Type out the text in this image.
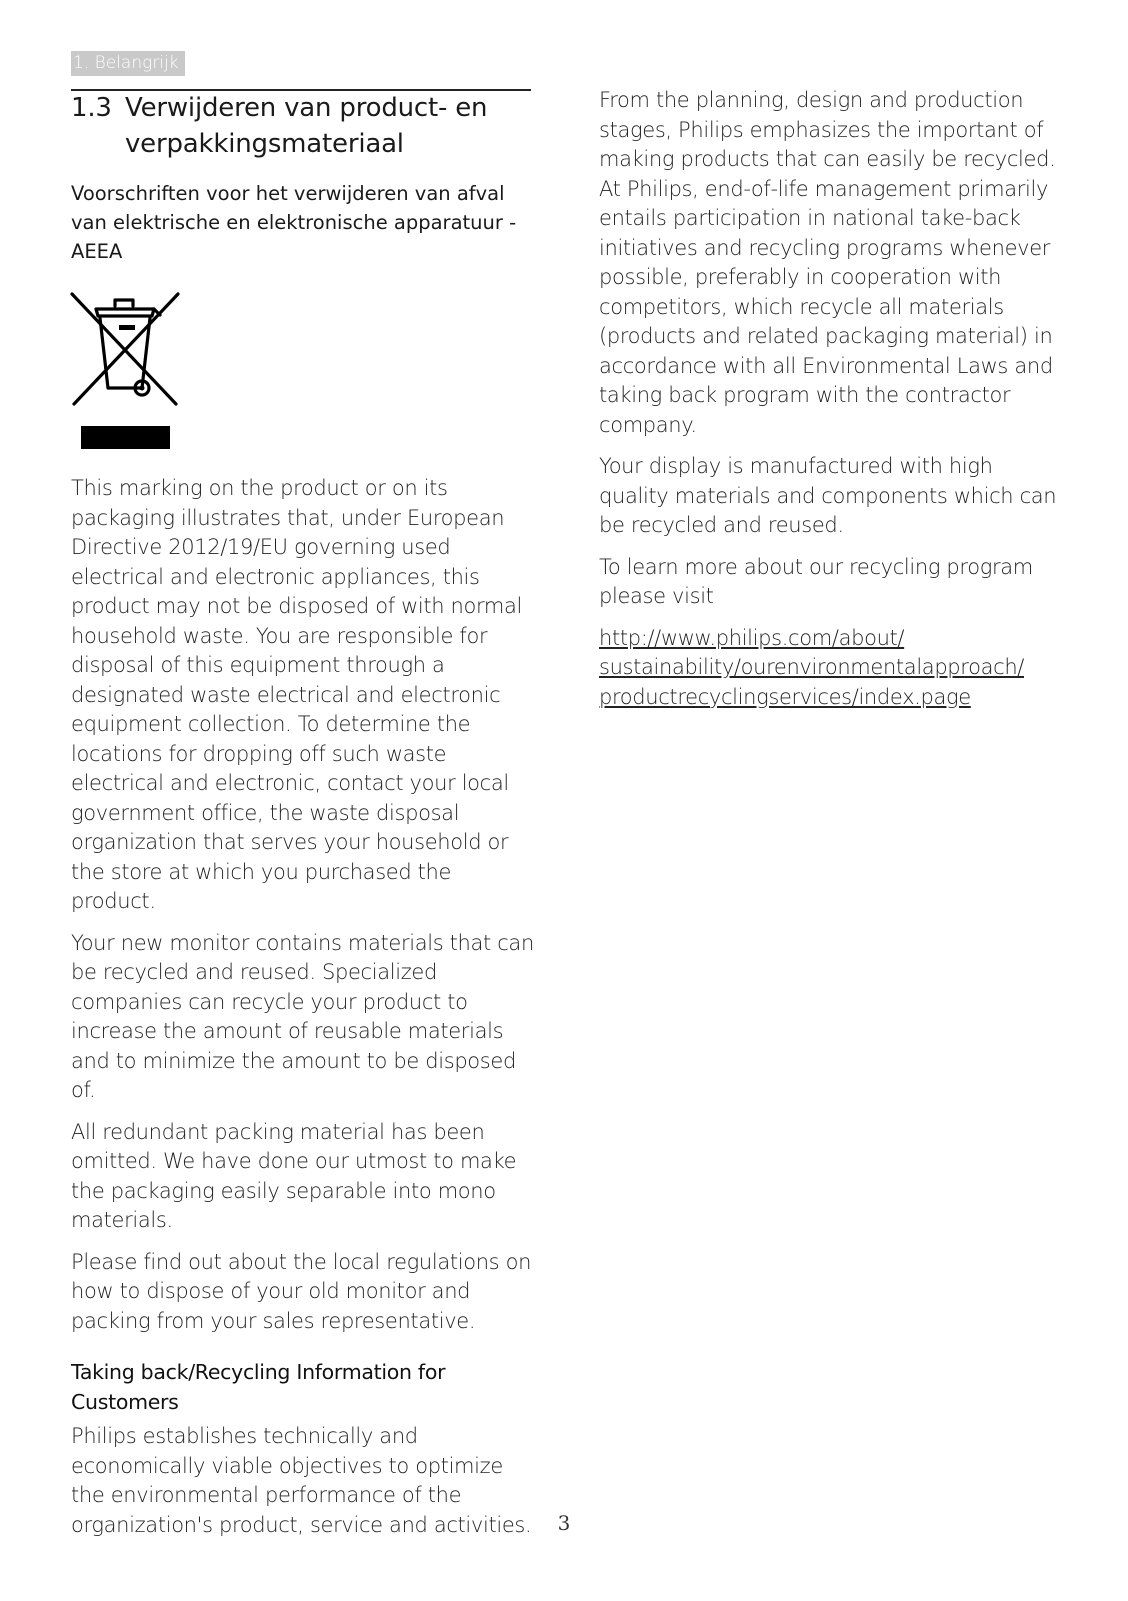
1. Belangrijk
1.3 Verwijderen van product- en verpakkingsmateriaal

Voorschriften voor het verwijderen van afval van elektrische en elektronische apparatuur - AEEA

This marking on the product or on its packaging illustrates that, under European Directive 2012/19/EU governing used electrical and electronic appliances, this product may not be disposed of with normal household waste. You are responsible for disposal of this equipment through a designated waste electrical and electronic equipment collection. To determine the locations for dropping off such waste electrical and electronic, contact your local government office, the waste disposal organization that serves your household or the store at which you purchased the product.

Your new monitor contains materials that can be recycled and reused. Specialized companies can recycle your product to increase the amount of reusable materials and to minimize the amount to be disposed of.

All redundant packing material has been omitted. We have done our utmost to make the packaging easily separable into mono materials.

Please find out about the local regulations on how to dispose of your old monitor and packing from your sales representative.

Taking back/Recycling Information for Customers

Philips establishes technically and economically viable objectives to optimize the environmental performance of the organization's product, service and activities.

From the planning, design and production stages, Philips emphasizes the important of making products that can easily be recycled. At Philips, end-of-life management primarily entails participation in national take-back initiatives and recycling programs whenever possible, preferably in cooperation with competitors, which recycle all materials (products and related packaging material) in accordance with all Environmental Laws and taking back program with the contractor company.

Your display is manufactured with high quality materials and components which can be recycled and reused.

To learn more about our recycling program please visit

http://www.philips.com/about/
sustainability/ourenvironmentalapproach/
productrecyclingservices/index.page
3
